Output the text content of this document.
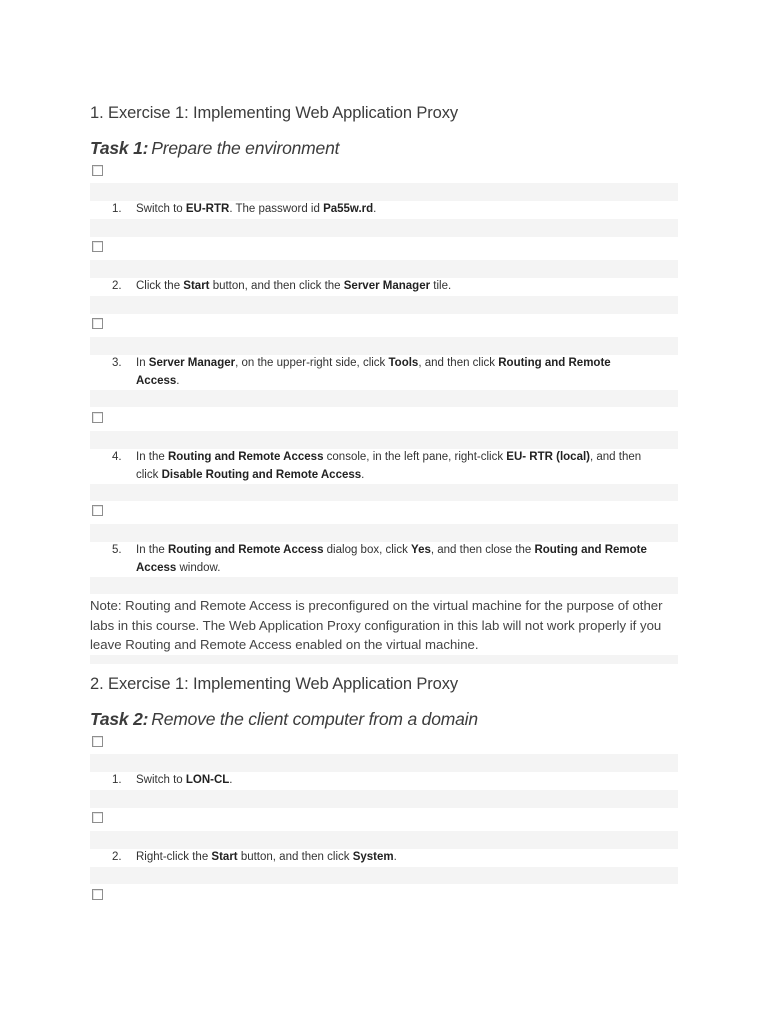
1. Exercise 1: Implementing Web Application Proxy
Task 1: Prepare the environment
1. Switch to EU-RTR. The password id Pa55w.rd.
2. Click the Start button, and then click the Server Manager tile.
3. In Server Manager, on the upper-right side, click Tools, and then click Routing and Remote Access.
4. In the Routing and Remote Access console, in the left pane, right-click EU- RTR (local), and then click Disable Routing and Remote Access.
5. In the Routing and Remote Access dialog box, click Yes, and then close the Routing and Remote Access window.

Note: Routing and Remote Access is preconfigured on the virtual machine for the purpose of other labs in this course. The Web Application Proxy configuration in this lab will not work properly if you leave Routing and Remote Access enabled on the virtual machine.

2. Exercise 1: Implementing Web Application Proxy
Task 2: Remove the client computer from a domain
1. Switch to LON-CL.
2. Right-click the Start button, and then click System.
